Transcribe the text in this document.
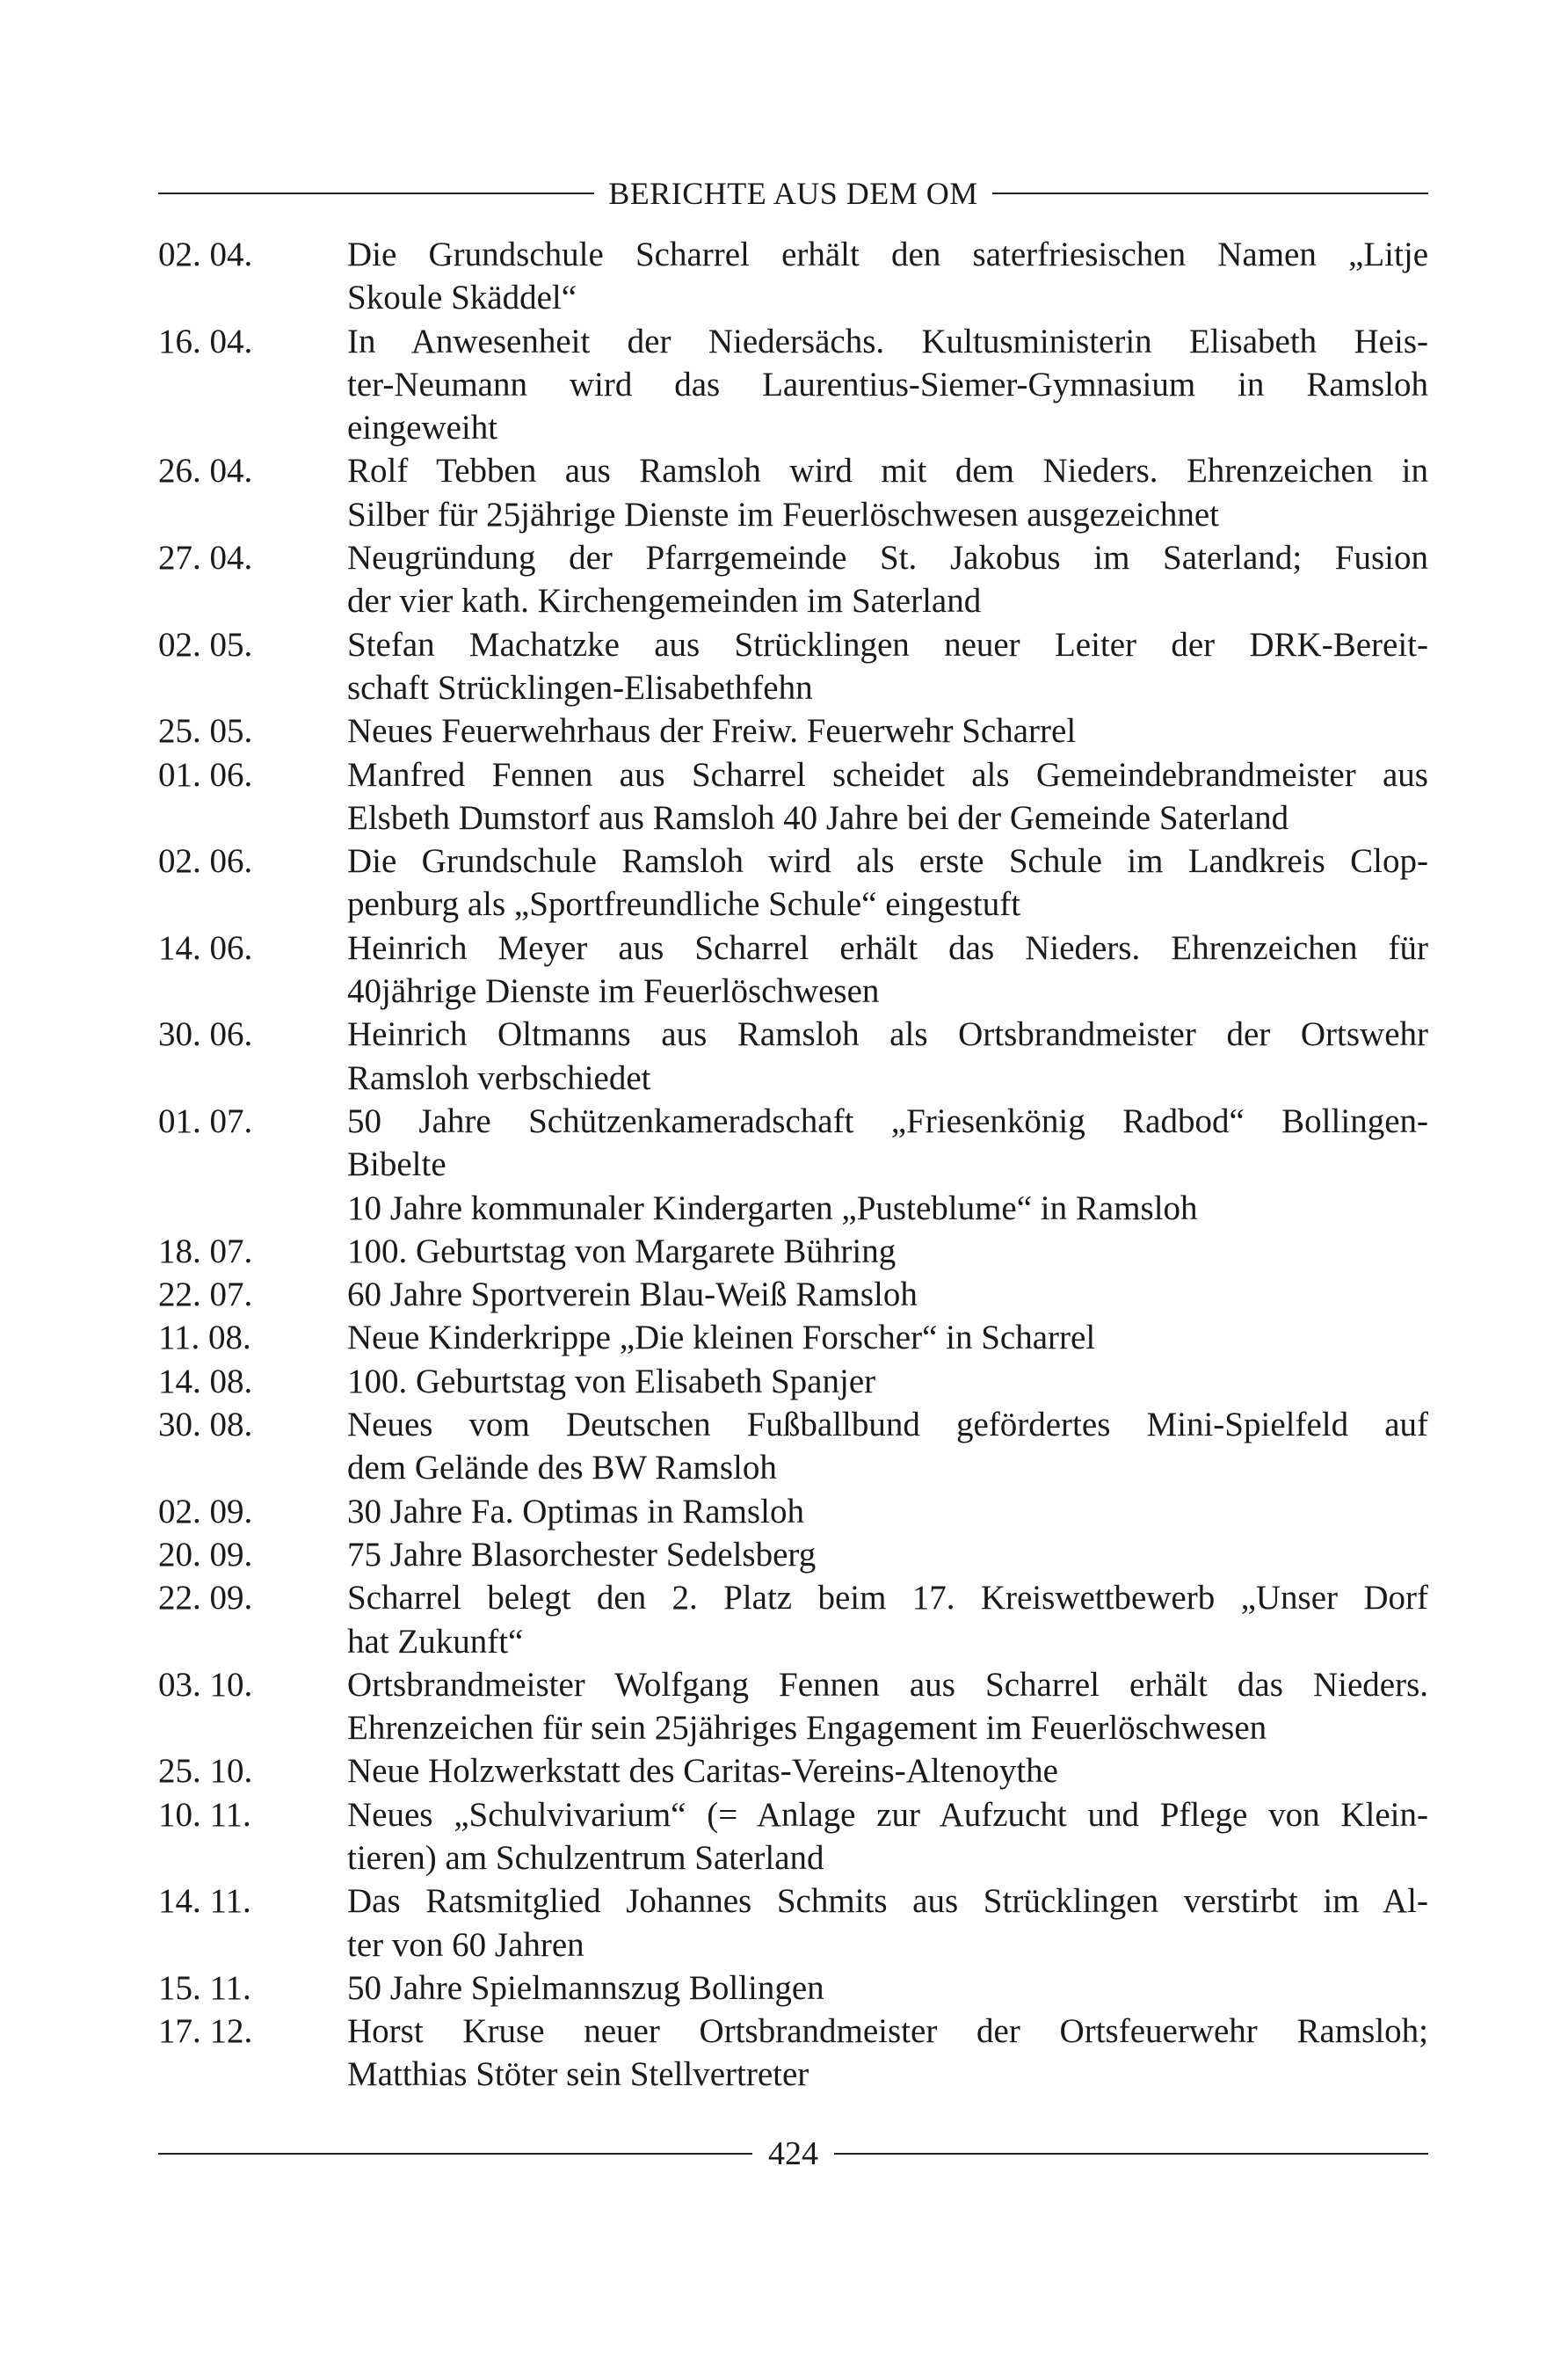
BERICHTE AUS DEM OM
02. 04.	Die Grundschule Scharrel erhält den saterfriesischen Namen „Litje
Skoule Skäddel“
16. 04.	In Anwesenheit der Niedersächs. Kultusministerin Elisabeth Heis-
ter-Neumann wird das Laurentius-Siemer-Gymnasium in Ramsloh
eingeweiht
26. 04.	Rolf Tebben aus Ramsloh wird mit dem Nieders. Ehrenzeichen in
Silber für 25jährige Dienste im Feuerlöschwesen ausgezeichnet
27. 04.	Neugründung der Pfarrgemeinde St. Jakobus im Saterland; Fusion
der vier kath. Kirchengemeinden im Saterland
02. 05.	Stefan Machatzke aus Strücklingen neuer Leiter der DRK-Bereit-
schaft Strücklingen-Elisabethfehn
25. 05.	Neues Feuerwehrhaus der Freiw. Feuerwehr Scharrel
01. 06.	Manfred Fennen aus Scharrel scheidet als Gemeindebrandmeister aus
Elsbeth Dumstorf aus Ramsloh 40 Jahre bei der Gemeinde Saterland
02. 06.	Die Grundschule Ramsloh wird als erste Schule im Landkreis Clop-
penburg als „Sportfreundliche Schule“ eingestuft
14. 06.	Heinrich Meyer aus Scharrel erhält das Nieders. Ehrenzeichen für
40jährige Dienste im Feuerlöschwesen
30. 06.	Heinrich Oltmanns aus Ramsloh als Ortsbrandmeister der Ortswehr
Ramsloh verbschiedet
01. 07.	50 Jahre Schützenkameradschaft „Friesenkönig Radbod“ Bollingen-
Bibelte
10 Jahre kommunaler Kindergarten „Pusteblume“ in Ramsloh
18. 07.	100. Geburtstag von Margarete Bühring
22. 07.	60 Jahre Sportverein Blau-Weiß Ramsloh
11. 08.	Neue Kinderkrippe „Die kleinen Forscher“ in Scharrel
14. 08.	100. Geburtstag von Elisabeth Spanjer
30. 08.	Neues vom Deutschen Fußballbund gefördertes Mini-Spielfeld auf
dem Gelände des BW Ramsloh
02. 09.	30 Jahre Fa. Optimas in Ramsloh
20. 09.	75 Jahre Blasorchester Sedelsberg
22. 09.	Scharrel belegt den 2. Platz beim 17. Kreiswettbewerb „Unser Dorf
hat Zukunft“
03. 10.	Ortsbrandmeister Wolfgang Fennen aus Scharrel erhält das Nieders.
Ehrenzeichen für sein 25jähriges Engagement im Feuerlöschwesen
25. 10.	Neue Holzwerkstatt des Caritas-Vereins-Altenoythe
10. 11.	Neues „Schulvivarium“ (= Anlage zur Aufzucht und Pflege von Klein-
tieren) am Schulzentrum Saterland
14. 11.	Das Ratsmitglied Johannes Schmits aus Strücklingen verstirbt im Al-
ter von 60 Jahren
15. 11.	50 Jahre Spielmannszug Bollingen
17. 12.	Horst Kruse neuer Ortsbrandmeister der Ortsfeuerwehr Ramsloh;
Matthias Stöter sein Stellvertreter
424
